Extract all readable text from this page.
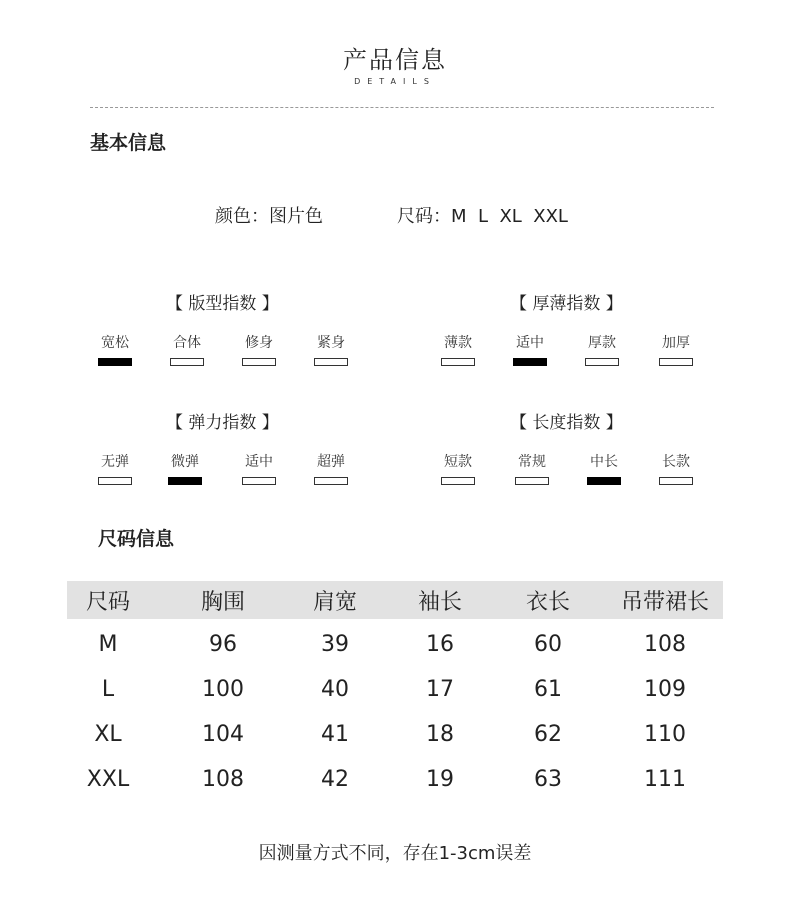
产品信息
DETAILS
基本信息
颜色：图片色	尺码：M  L  XL  XXL
【 版型指数 】
宽松	合体	修身	紧身
【 厚薄指数 】
薄款	适中	厚款	加厚
【 弹力指数 】
无弹	微弹	适中	超弹
【 长度指数 】
短款	常规	中长	长款
尺码信息
尺码	胸围	肩宽	袖长	衣长	吊带裙长
M	96	39	16	60	108
L	100	40	17	61	109
XL	104	41	18	62	110
XXL	108	42	19	63	111
因测量方式不同，存在1-3cm误差
